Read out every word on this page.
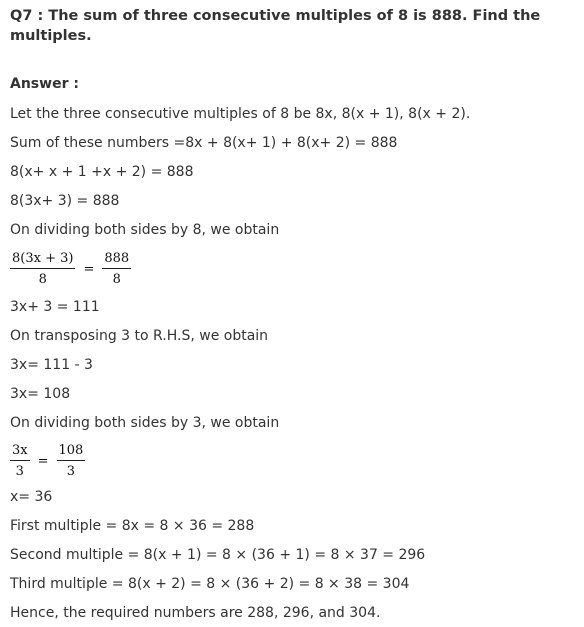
Q7 : The sum of three consecutive multiples of 8 is 888. Find the multiples.
Answer :
Let the three consecutive multiples of 8 be 8x, 8(x + 1), 8(x + 2).
Sum of these numbers =8x + 8(x+ 1) + 8(x+ 2) = 888
8(x+ x + 1 +x + 2) = 888
8(3x+ 3) = 888
On dividing both sides by 8, we obtain
$\frac{8(3x + 3)}{8} = \frac{888}{8}$
3x+ 3 = 111
On transposing 3 to R.H.S, we obtain
3x= 111 - 3
3x= 108
On dividing both sides by 3, we obtain
$\frac{3x}{3} = \frac{108}{3}$
x= 36
First multiple = 8x = 8 × 36 = 288
Second multiple = 8(x + 1) = 8 × (36 + 1) = 8 × 37 = 296
Third multiple = 8(x + 2) = 8 × (36 + 2) = 8 × 38 = 304
Hence, the required numbers are 288, 296, and 304.
